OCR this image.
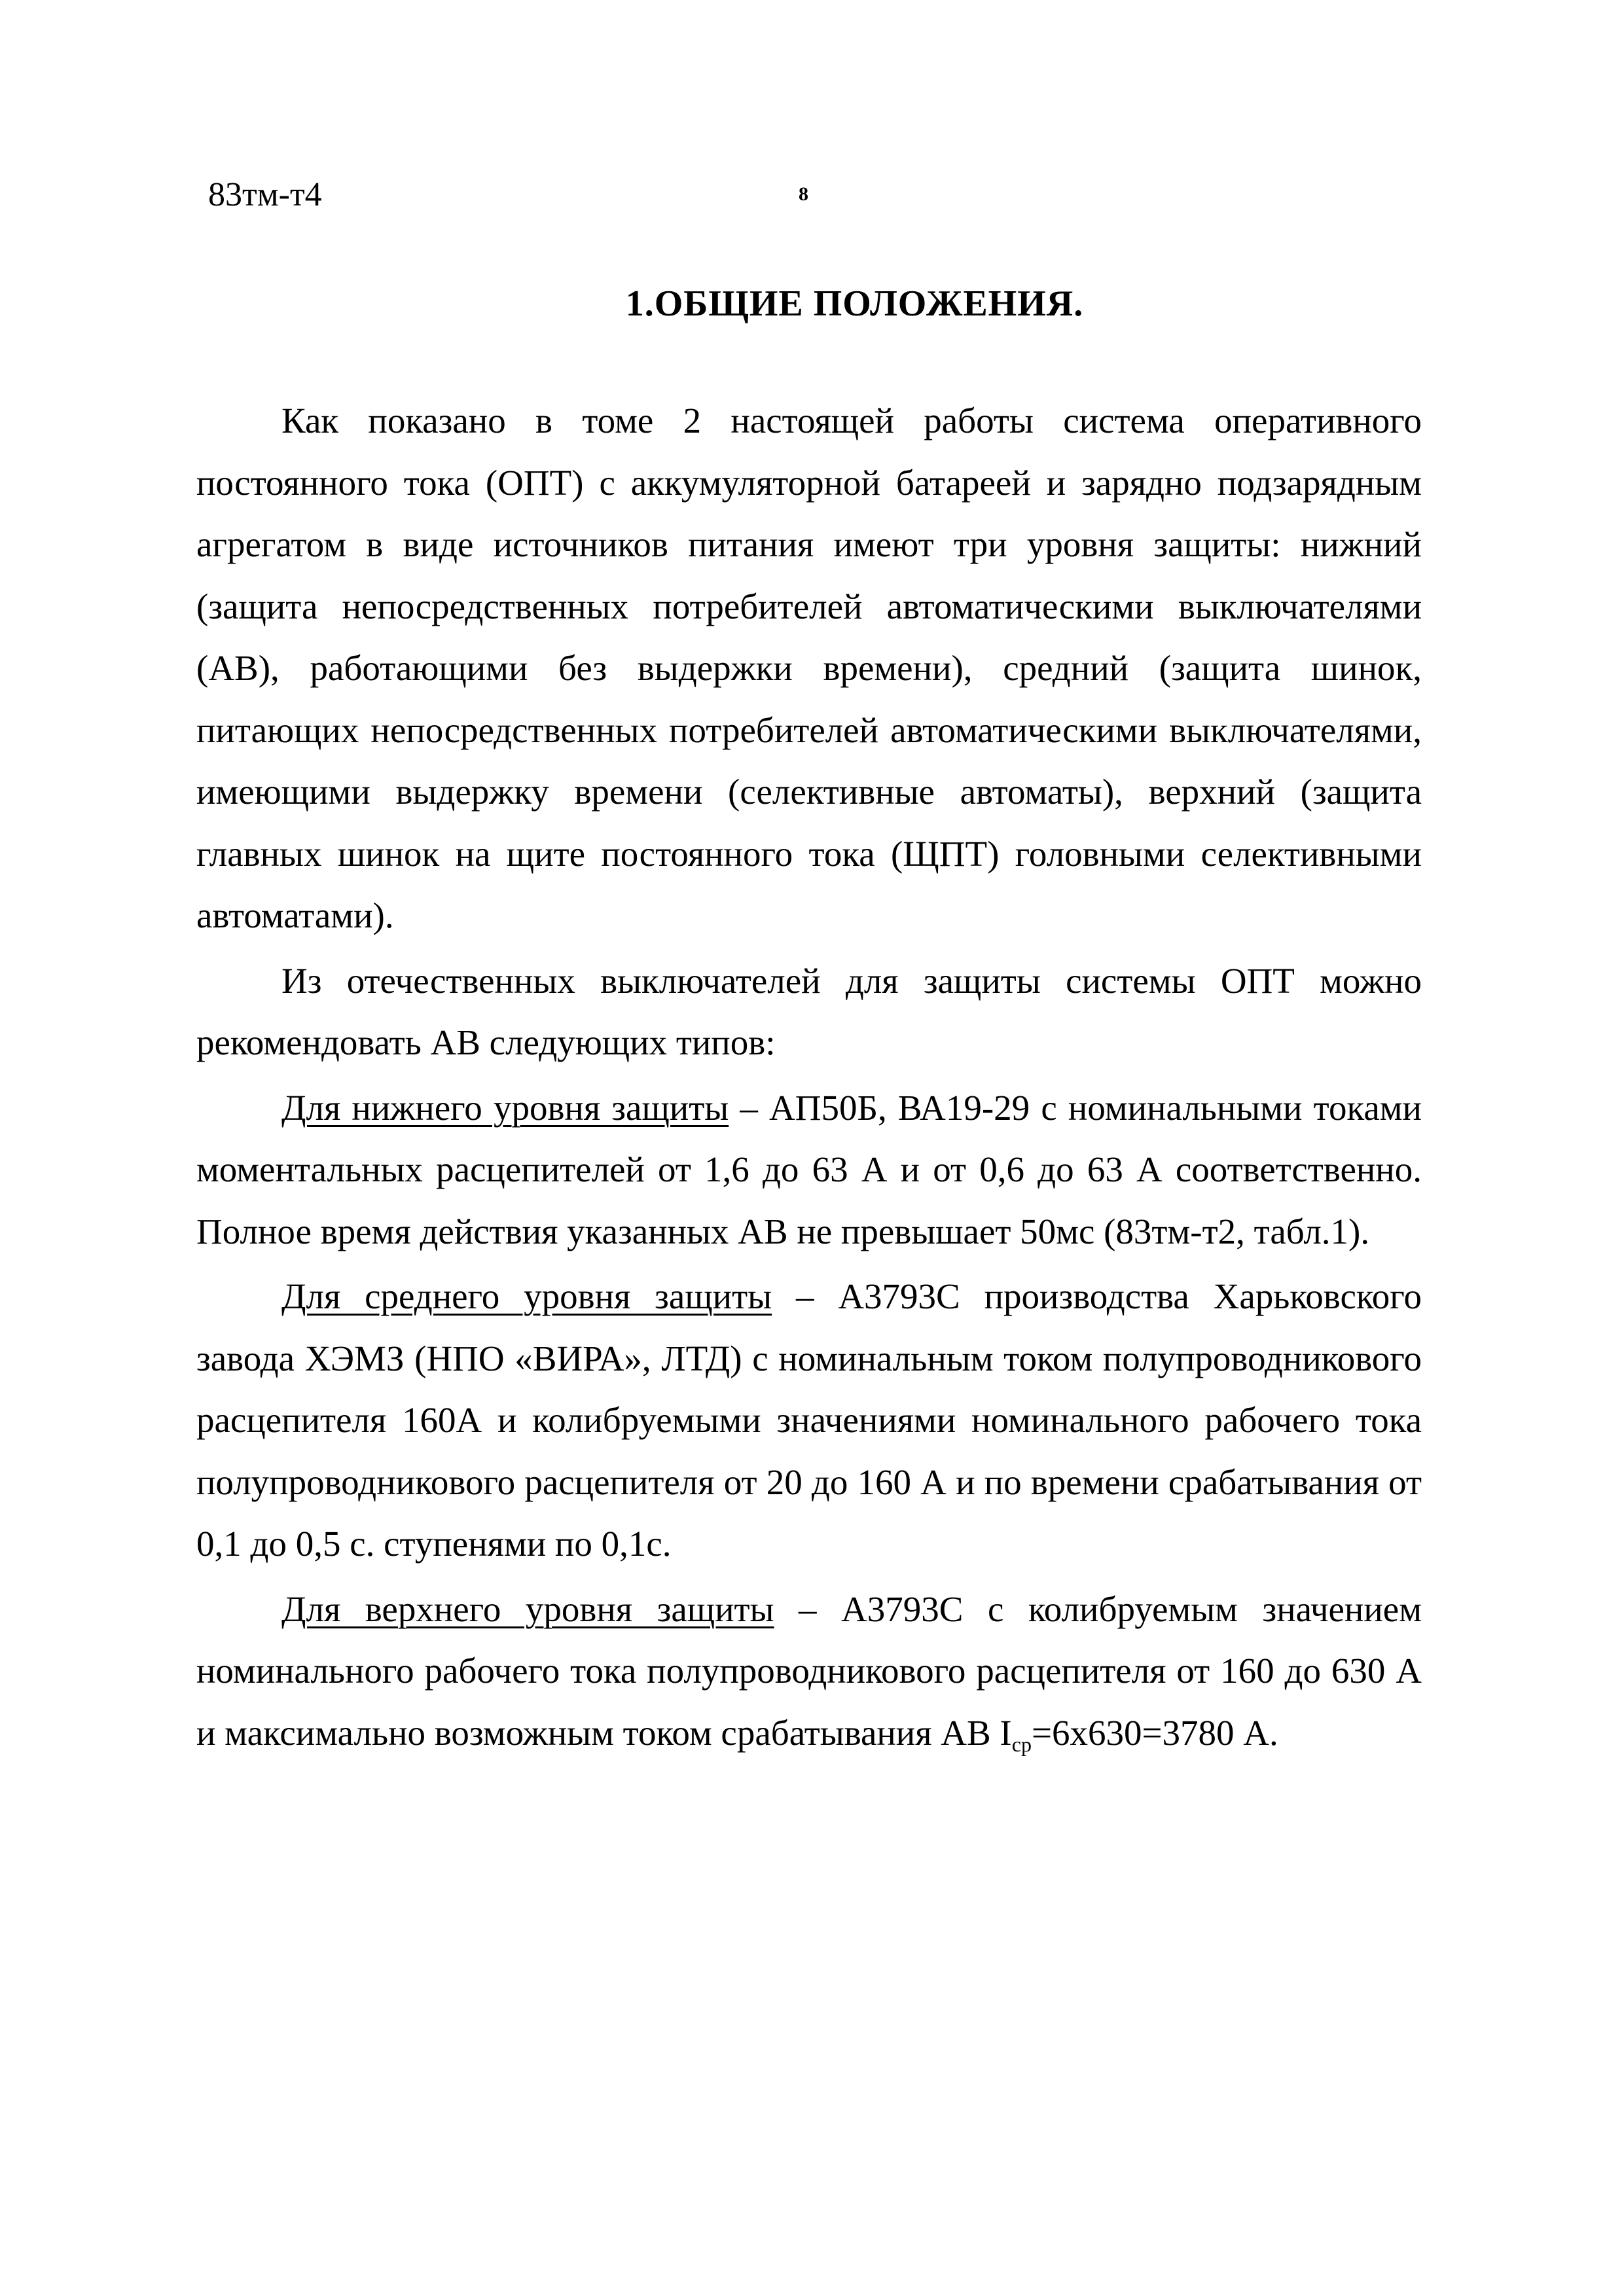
83тм-т4	8
1.ОБЩИЕ ПОЛОЖЕНИЯ.

Как показано в томе 2 настоящей работы система оперативного постоянного тока (ОПТ) с аккумуляторной батареей и зарядно подзарядным агрегатом в виде источников питания имеют три уровня защиты: нижний (защита непосредственных потребителей автоматическими выключателями (АВ), работающими без выдержки времени), средний (защита шинок, питающих непосредственных потребителей автоматическими выключателями, имеющими выдержку времени (селективные автоматы), верхний (защита главных шинок на щите постоянного тока (ЩПТ) головными селективными автоматами).

Из отечественных выключателей для защиты системы ОПТ можно рекомендовать АВ следующих типов:

Для нижнего уровня защиты – АП50Б, ВА19-29 с номинальными токами моментальных расцепителей от 1,6 до 63 А и от 0,6 до 63 А соответственно. Полное время действия указанных АВ не превышает 50мс (83тм-т2, табл.1).

Для среднего уровня защиты – А3793С производства Харьковского завода ХЭМЗ (НПО «ВИРА», ЛТД) с номинальным током полупроводникового расцепителя 160А и колибруемыми значениями номинального рабочего тока полупроводникового расцепителя от 20 до 160 А и по времени срабатывания от 0,1 до 0,5 с. ступенями по 0,1с.

Для верхнего уровня защиты – А3793С с колибруемым значением номинального рабочего тока полупроводникового расцепителя от 160 до 630 А и максимально возможным током срабатывания АВ $I_{ср}=6х630=3780$ А.
